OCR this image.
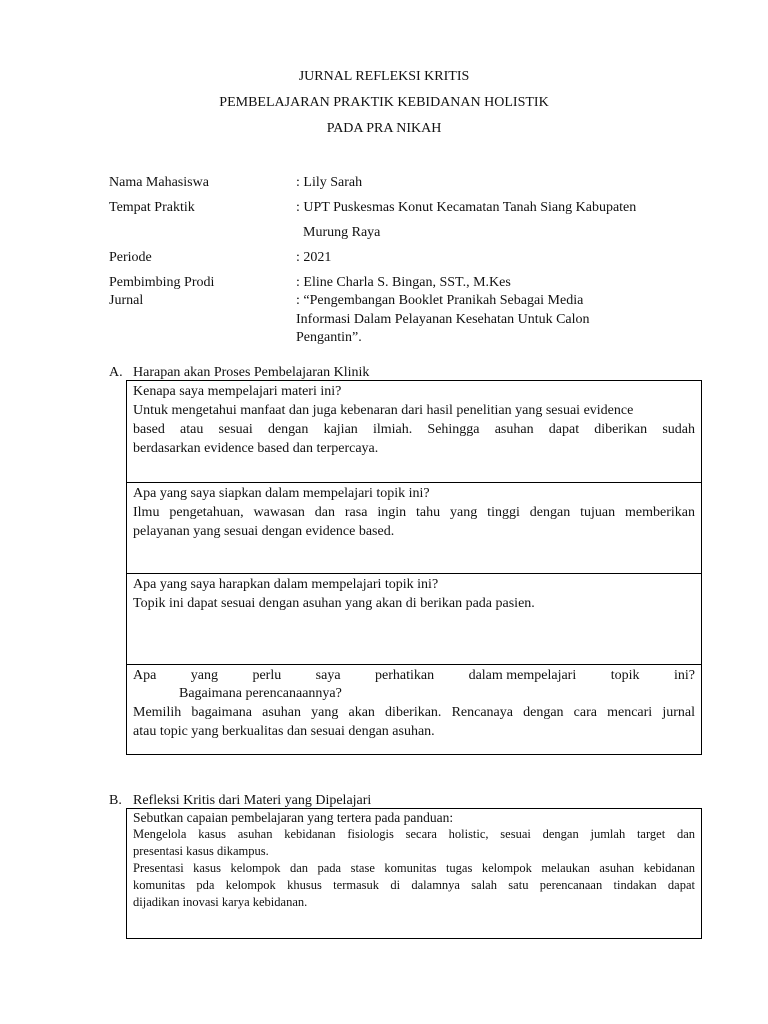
JURNAL REFLEKSI KRITIS
PEMBELAJARAN PRAKTIK KEBIDANAN HOLISTIK
PADA PRA NIKAH
Nama Mahasiswa	: Lily Sarah
Tempat Praktik	: UPT Puskesmas Konut Kecamatan Tanah Siang Kabupaten
Murung Raya
Periode	: 2021
Pembimbing Prodi	: Eline Charla S. Bingan, SST., M.Kes
Jurnal	: “Pengembangan Booklet Pranikah Sebagai Media
Informasi Dalam Pelayanan Kesehatan Untuk Calon
Pengantin”.
A. Harapan akan Proses Pembelajaran Klinik
Kenapa saya mempelajari materi ini?
Untuk mengetahui manfaat dan juga kebenaran dari hasil penelitian yang sesuai evidence
based atau sesuai dengan kajian ilmiah. Sehingga asuhan dapat diberikan sudah
berdasarkan evidence based dan terpercaya.
Apa yang saya siapkan dalam mempelajari topik ini?
Ilmu pengetahuan, wawasan dan rasa ingin tahu yang tinggi dengan tujuan memberikan
pelayanan yang sesuai dengan evidence based.
Apa yang saya harapkan dalam mempelajari topik ini?
Topik ini dapat sesuai dengan asuhan yang akan di berikan pada pasien.
Apa yang perlu saya perhatikan dalam mempelajari topik ini?
Bagaimana perencanaannya?
Memilih bagaimana asuhan yang akan diberikan. Rencanaya dengan cara mencari jurnal
atau topic yang berkualitas dan sesuai dengan asuhan.
B. Refleksi Kritis dari Materi yang Dipelajari
Sebutkan capaian pembelajaran yang tertera pada panduan:
Mengelola kasus asuhan kebidanan fisiologis secara holistic, sesuai dengan jumlah target dan
presentasi kasus dikampus.
Presentasi kasus kelompok dan pada stase komunitas tugas kelompok melaukan asuhan kebidanan
komunitas pda kelompok khusus termasuk di dalamnya salah satu perencanaan tindakan dapat
dijadikan inovasi karya kebidanan.
